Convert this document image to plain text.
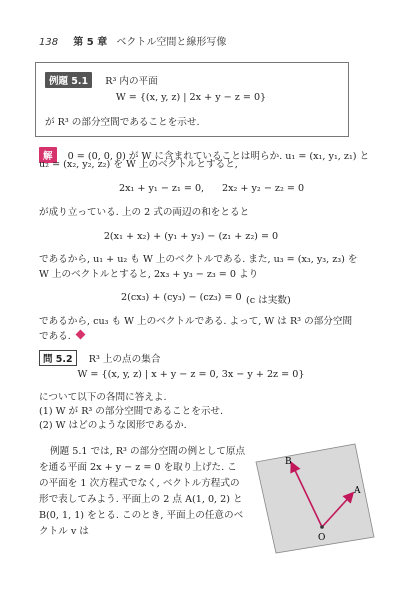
138 第 5 章 ベクトル空間と線形写像
例題 5.1 R³ 内の平面
W = {(x, y, z) | 2x + y − z = 0}
が R³ の部分空間であることを示せ.
解 0 = (0, 0, 0) が W に含まれていることは明らか. u₁ = (x₁, y₁, z₁) と
u₂ = (x₂, y₂, z₂) を W 上のベクトルとすると,
2x₁ + y₁ − z₁ = 0, 2x₂ + y₂ − z₂ = 0
が成り立っている. 上の 2 式の両辺の和をとると
2(x₁ + x₂) + (y₁ + y₂) − (z₁ + z₂) = 0
であるから, u₁ + u₂ も W 上のベクトルである. また, u₃ = (x₃, y₃, z₃) を
W 上のベクトルとすると, 2x₃ + y₃ − z₃ = 0 より
2(cx₃) + (cy₃) − (cz₃) = 0 (c は実数)
であるから, cu₃ も W 上のベクトルである. よって, W は R³ の部分空間
である.
問 5.2 R³ 上の点の集合
W = {(x, y, z) | x + y − z = 0, 3x − y + 2z = 0}
について以下の各問に答えよ.
(1) W が R³ の部分空間であることを示せ.
(2) W はどのような図形であるか.
例題 5.1 では, R³ の部分空間の例として原点
を通る平面 2x + y − z = 0 を取り上げた. こ
の平面を 1 次方程式でなく, ベクトル方程式の
形で表してみよう. 平面上の 2 点 A(1, 0, 2) と
B(0, 1, 1) をとる. このとき, 平面上の任意のベ
クトル v は
B
A
O
